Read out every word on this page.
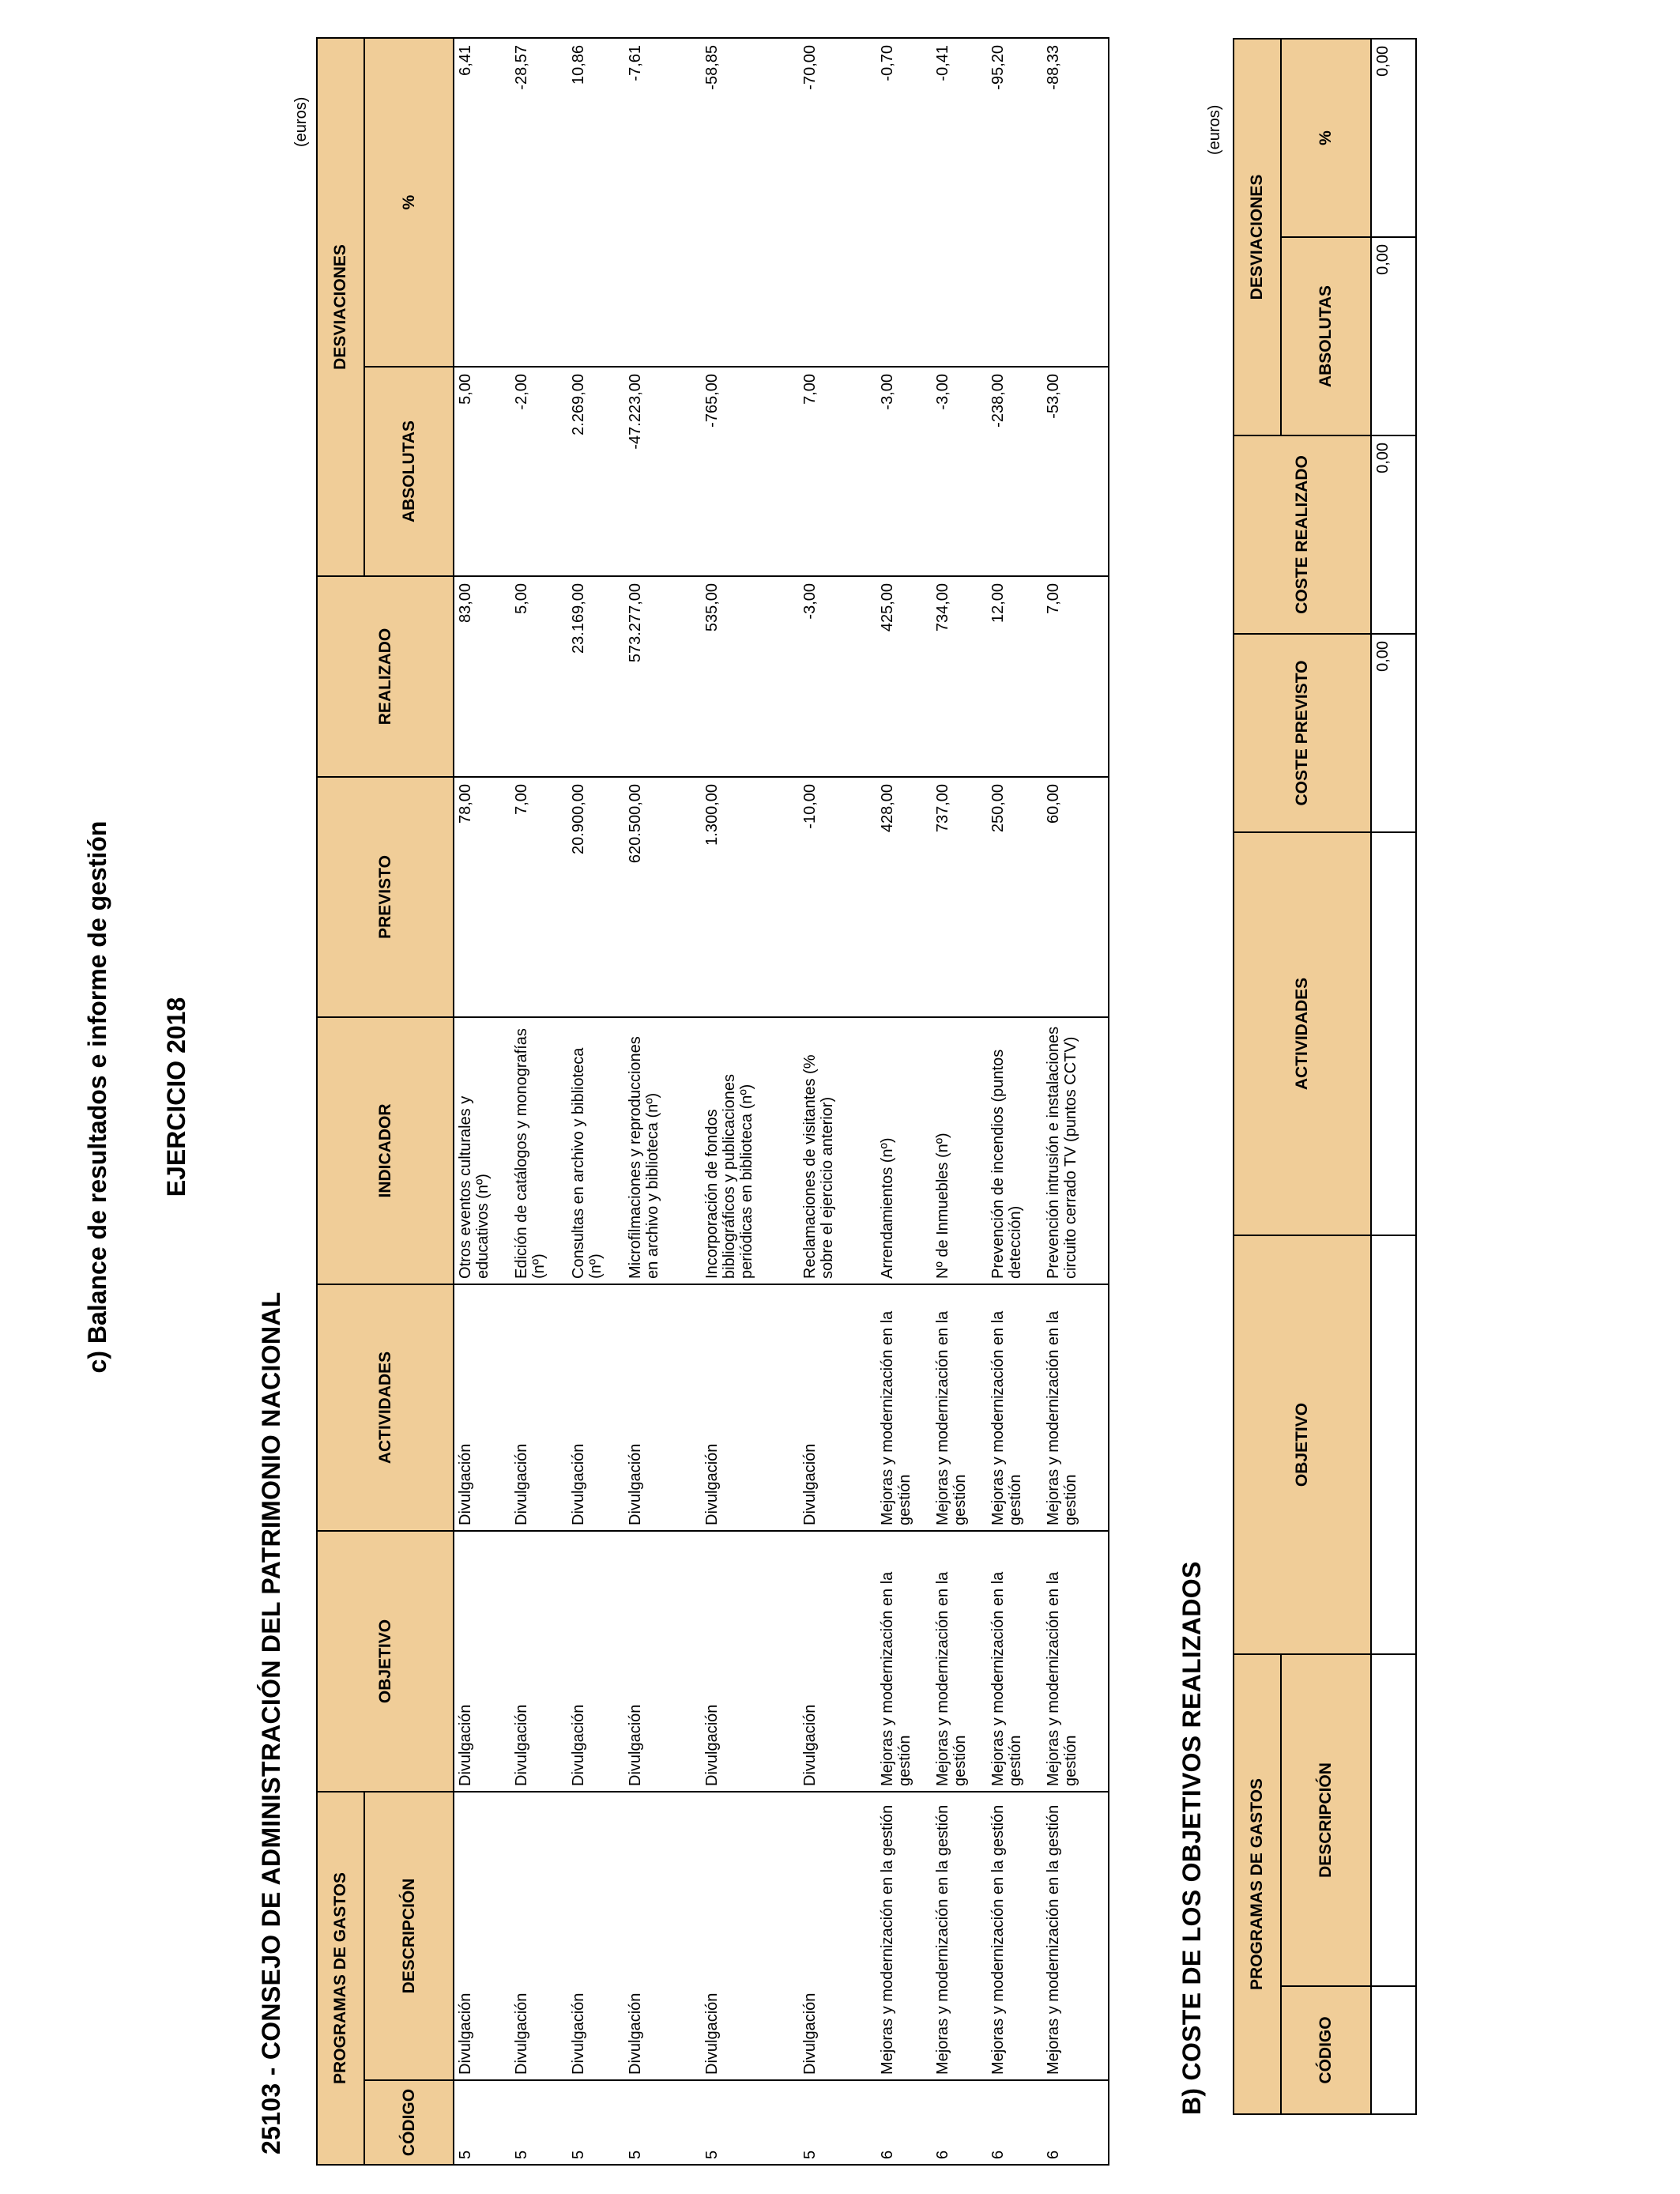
c) Balance de resultados e informe de gestión EJERCICIO 2018
25103 - CONSEJO DE ADMINISTRACIÓN DEL PATRIMONIO NACIONAL
(euros)
PROGRAMAS DE GASTOS		OBJETIVO	ACTIVIDADES	INDICADOR	PREVISTO	REALIZADO	DESVIACIONES	
CÓDIGO	DESCRIPCIÓN						ABSOLUTAS	%
5	Divulgación	Divulgación	Divulgación	Otros eventos culturales y educativos (nº)	78,00	83,00	5,00	6,41
5	Divulgación	Divulgación	Divulgación	Edición de catálogos y monografías (nº)	7,00	5,00	-2,00	-28,57
5	Divulgación	Divulgación	Divulgación	Consultas en archivo y biblioteca (nº)	20.900,00	23.169,00	2.269,00	10,86
5	Divulgación	Divulgación	Divulgación	Microfilmaciones y reproducciones en archivo y biblioteca (nº)	620.500,00	573.277,00	-47.223,00	-7,61
5	Divulgación	Divulgación	Divulgación	Incorporación de fondos bibliográficos y publicaciones periódicas en biblioteca (nº)	1.300,00	535,00	-765,00	-58,85
5	Divulgación	Divulgación	Divulgación	Reclamaciones de visitantes (% sobre el ejercicio anterior)	-10,00	-3,00	7,00	-70,00
6	Mejoras y modernización en la gestión	Mejoras y modernización en la gestión	Mejoras y modernización en la gestión	Arrendamientos (nº)	428,00	425,00	-3,00	-0,70
6	Mejoras y modernización en la gestión	Mejoras y modernización en la gestión	Mejoras y modernización en la gestión	Nº de Inmuebles (nº)	737,00	734,00	-3,00	-0,41
6	Mejoras y modernización en la gestión	Mejoras y modernización en la gestión	Mejoras y modernización en la gestión	Prevención de incendios (puntos detección)	250,00	12,00	-238,00	-95,20
6	Mejoras y modernización en la gestión	Mejoras y modernización en la gestión	Mejoras y modernización en la gestión	Prevención intrusión e instalaciones circuito cerrado TV (puntos CCTV)	60,00	7,00	-53,00	-88,33
B) COSTE DE LOS OBJETIVOS REALIZADOS
(euros)
PROGRAMAS DE GASTOS		OBJETIVO	ACTIVIDADES	COSTE PREVISTO	COSTE REALIZADO	DESVIACIONES	
CÓDIGO	DESCRIPCIÓN					ABSOLUTAS	%
				0,00	0,00	0,00	0,00
